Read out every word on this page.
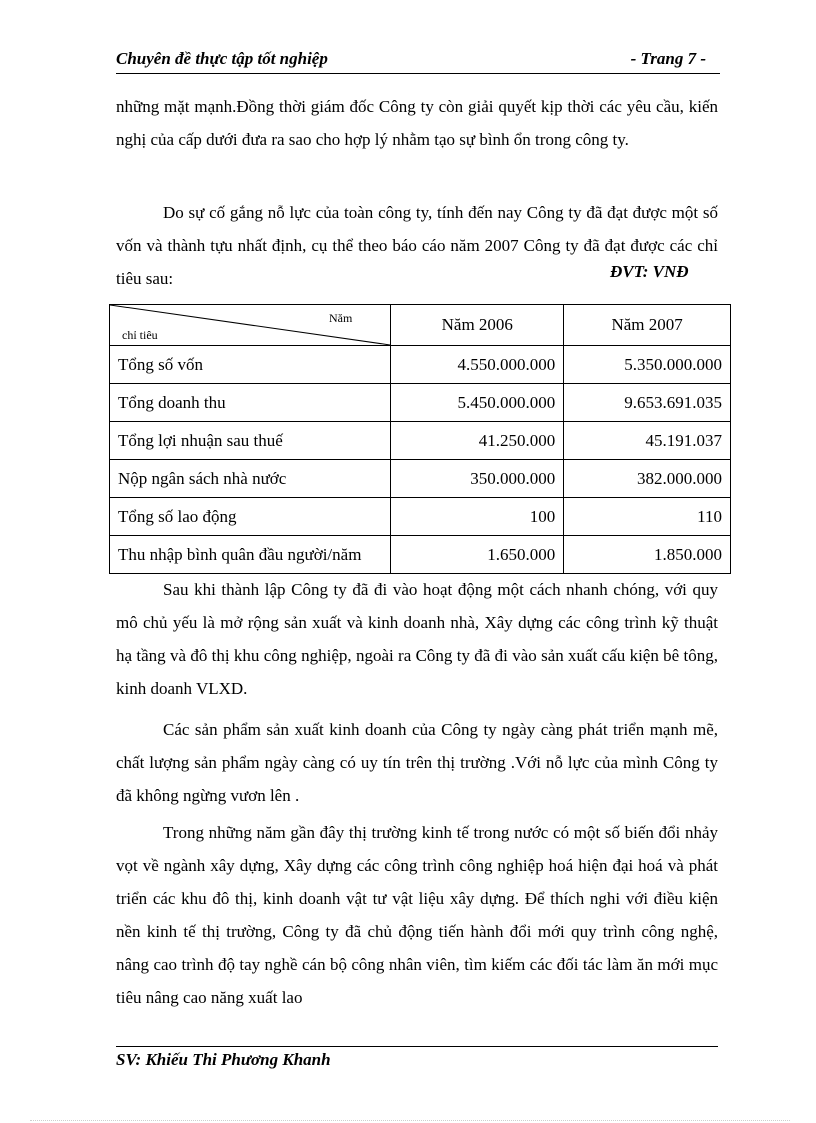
Chuyên đề thực tập tốt nghiệp	- Trang 7 -

những mặt mạnh.Đồng thời giám đốc Công ty còn giải quyết kịp thời các yêu cầu, kiến nghị của cấp dưới đưa ra sao cho hợp lý nhằm tạo sự bình ổn trong công ty.

Do sự cố gắng nỗ lực của toàn công ty, tính đến nay Công ty đã đạt được một số vốn và thành tựu nhất định, cụ thể theo báo cáo năm 2007 Công ty đã đạt được các chỉ tiêu sau:	ĐVT: VNĐ
Năm
chỉ tiêu	Năm 2006	Năm 2007
Tổng số vốn	4.550.000.000	5.350.000.000
Tổng doanh thu	5.450.000.000	9.653.691.035
Tổng lợi nhuận sau thuế	41.250.000	45.191.037
Nộp ngân sách nhà nước	350.000.000	382.000.000
Tổng số lao động	100	110
Thu nhập bình quân đầu người/năm	1.650.000	1.850.000

Sau khi thành lập Công ty đã đi vào hoạt động một cách nhanh chóng, với quy mô chủ yếu là mở rộng sản xuất và kinh doanh nhà, Xây dựng các công trình kỹ thuật hạ tầng và đô thị khu công nghiệp, ngoài ra Công ty đã đi vào sản xuất cấu kiện bê tông, kinh doanh VLXD.

Các sản phẩm sản xuất kinh doanh của Công ty ngày càng phát triển mạnh mẽ, chất lượng sản phẩm ngày càng có uy tín trên thị trường .Với nỗ lực của mình Công ty đã không ngừng vươn lên .

Trong những năm gần đây thị trường kinh tế trong nước có một số biến đổi nhảy vọt về ngành xây dựng, Xây dựng các công trình công nghiệp hoá hiện đại hoá và phát triển các khu đô thị, kinh doanh vật tư vật liệu xây dựng. Để thích nghi với điều kiện nền kinh tế thị trường, Công ty đã chủ động tiến hành đổi mới quy trình công nghệ, nâng cao trình độ tay nghề cán bộ công nhân viên, tìm kiếm các đối tác làm ăn mới mục tiêu nâng cao năng xuất lao

SV: Khiếu Thi Phương Khanh
